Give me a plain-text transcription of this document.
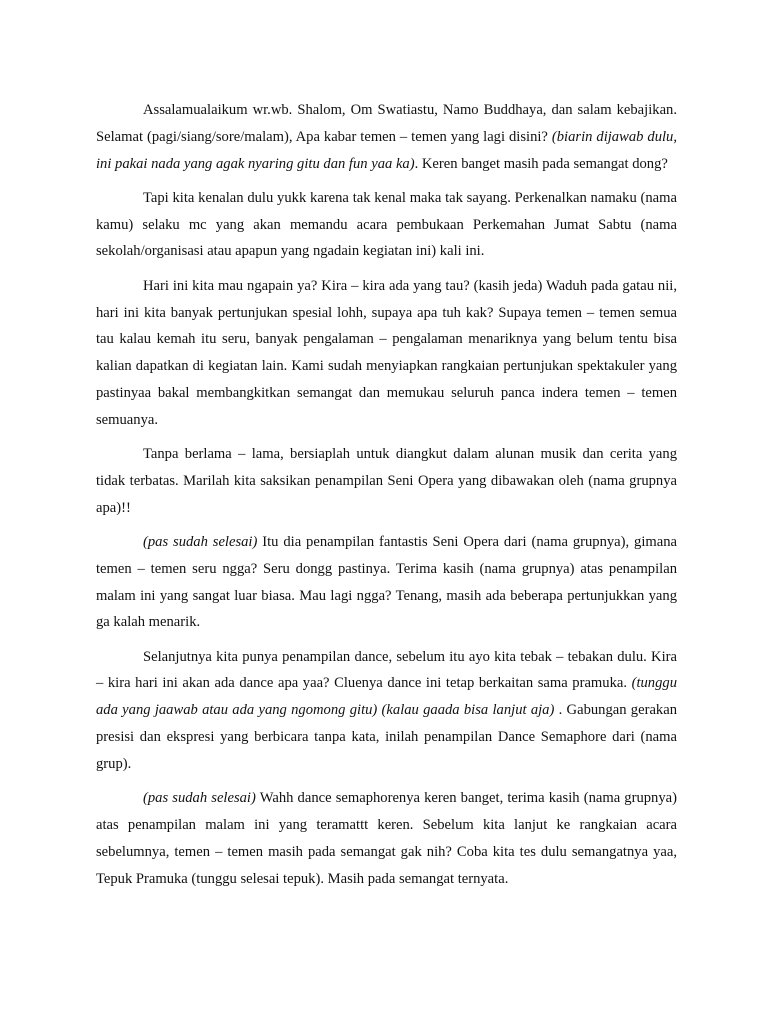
Assalamualaikum wr.wb. Shalom, Om Swatiastu, Namo Buddhaya, dan salam kebajikan. Selamat (pagi/siang/sore/malam), Apa kabar temen – temen yang lagi disini? (biarin dijawab dulu, ini pakai nada yang agak nyaring gitu dan fun yaa ka). Keren banget masih pada semangat dong?

Tapi kita kenalan dulu yukk karena tak kenal maka tak sayang. Perkenalkan namaku (nama kamu) selaku mc yang akan memandu acara pembukaan Perkemahan Jumat Sabtu (nama sekolah/organisasi atau apapun yang ngadain kegiatan ini) kali ini.

Hari ini kita mau ngapain ya? Kira – kira ada yang tau? (kasih jeda) Waduh pada gatau nii, hari ini kita banyak pertunjukan spesial lohh, supaya apa tuh kak? Supaya temen – temen semua tau kalau kemah itu seru, banyak pengalaman – pengalaman menariknya yang belum tentu bisa kalian dapatkan di kegiatan lain. Kami sudah menyiapkan rangkaian pertunjukan spektakuler yang pastinyaa bakal membangkitkan semangat dan memukau seluruh panca indera temen – temen semuanya.

Tanpa berlama – lama, bersiaplah untuk diangkut dalam alunan musik dan cerita yang tidak terbatas. Marilah kita saksikan penampilan Seni Opera yang dibawakan oleh (nama grupnya apa)!!

(pas sudah selesai) Itu dia penampilan fantastis Seni Opera dari (nama grupnya), gimana temen – temen seru ngga? Seru dongg pastinya. Terima kasih (nama grupnya) atas penampilan malam ini yang sangat luar biasa. Mau lagi ngga? Tenang, masih ada beberapa pertunjukkan yang ga kalah menarik.

Selanjutnya kita punya penampilan dance, sebelum itu ayo kita tebak – tebakan dulu. Kira – kira hari ini akan ada dance apa yaa? Cluenya dance ini tetap berkaitan sama pramuka. (tunggu ada yang jaawab atau ada yang ngomong gitu) (kalau gaada bisa lanjut aja) . Gabungan gerakan presisi dan ekspresi yang berbicara tanpa kata, inilah penampilan Dance Semaphore dari (nama grup).

(pas sudah selesai) Wahh dance semaphorenya keren banget, terima kasih (nama grupnya) atas penampilan malam ini yang teramattt keren. Sebelum kita lanjut ke rangkaian acara sebelumnya, temen – temen masih pada semangat gak nih? Coba kita tes dulu semangatnya yaa, Tepuk Pramuka (tunggu selesai tepuk). Masih pada semangat ternyata.
